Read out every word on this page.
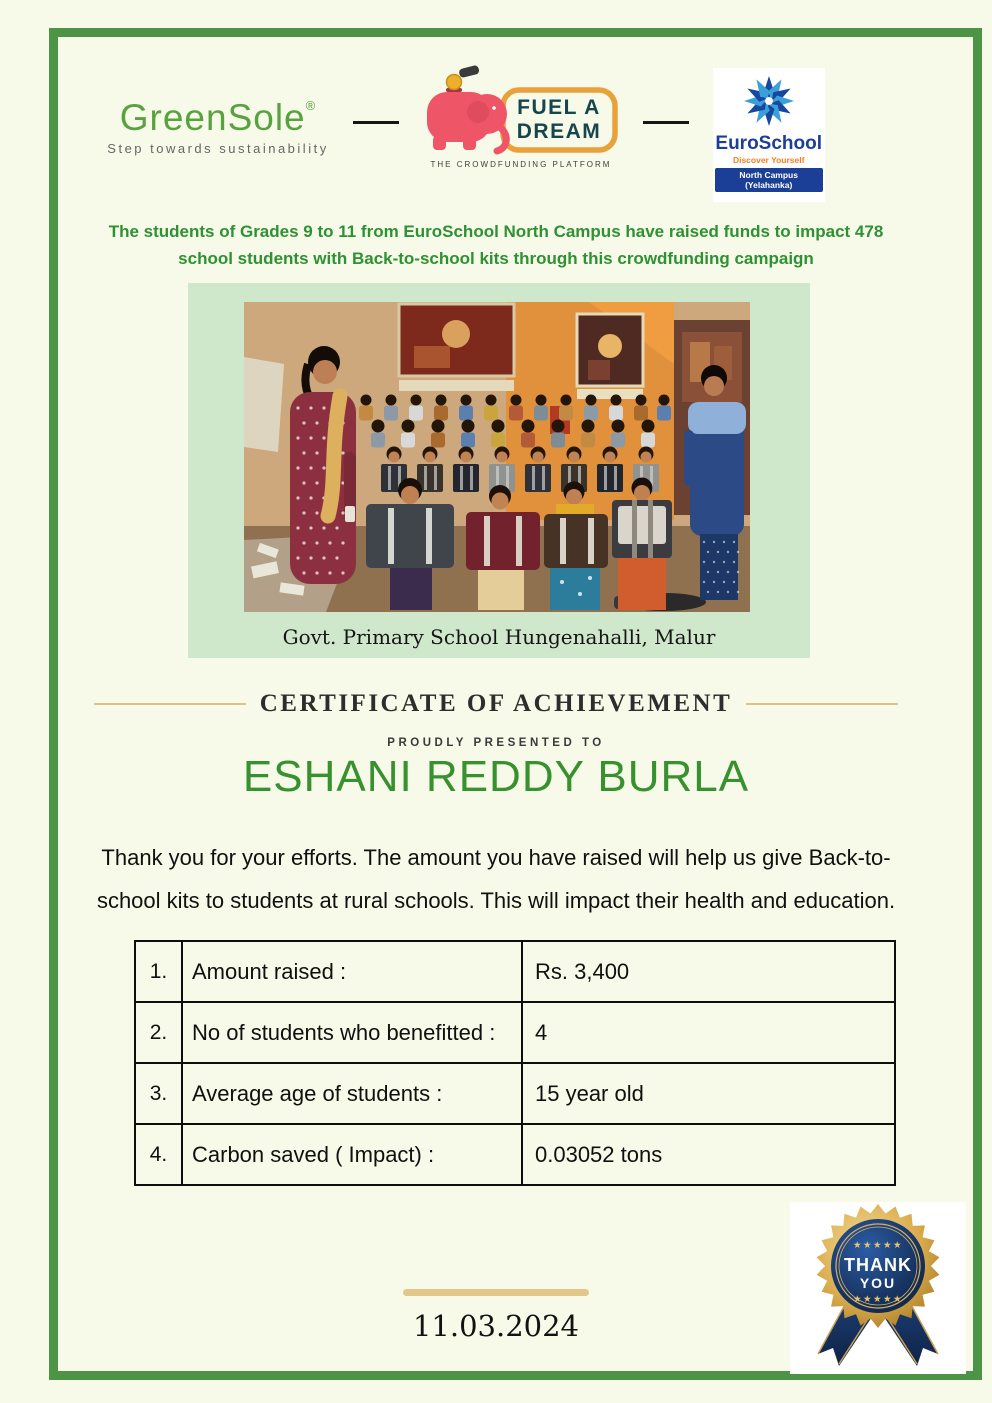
GreenSole®
Step towards sustainability
FUEL A
DREAM
THE CROWDFUNDING PLATFORM
EuroSchool
Discover Yourself
North Campus (Yelahanka)

The students of Grades 9 to 11 from EuroSchool North Campus have raised funds to impact 478
school students with Back-to-school kits through this crowdfunding campaign

Govt. Primary School Hungenahalli, Malur
CERTIFICATE OF ACHIEVEMENT
PROUDLY PRESENTED TO
ESHANI REDDY BURLA

Thank you for your efforts. The amount you have raised will help us give Back-to-
school kits to students at rural schools. This will impact their health and education.

1.	Amount raised :	Rs. 3,400
2.	No of students who benefitted :	4
3.	Average age of students :	15 year old
4.	Carbon saved ( Impact) :	0.03052 tons
★★★★★
THANK
YOU
★★★★★
11.03.2024
